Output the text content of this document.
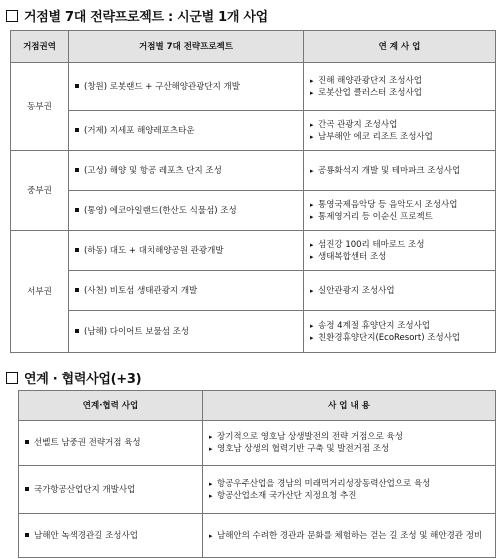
거점별 7대 전략프로젝트 : 시군별 1개 사업
거점권역	거점별 7대 전략프로젝트	연 계 사 업
동부권	(창원) 로봇랜드 + 구산해양관광단지 개발	▸ 진해 해양관광단지 조성사업
▸ 로봇산업 클러스터 조성사업

	(거제) 지세포 해양레포츠타운	▸ 간곡 관광지 조성사업
▸ 남부해안 에코 리조트 조성사업

중부권	(고성) 해양 및 항공 레포츠 단지 조성	▸ 공룡화석지 개발 및 테마파크 조성사업

	(통영) 에코아일랜드(한산도 식물섬) 조성	▸ 통영국제음악당 등 음악도시 조성사업
▸ 통제영거리 등 이순신 프로젝트

서부권	(하동) 대도 + 대치해양공원 관광개발	▸ 섬진강 100리 테마로드 조성
▸ 생태복합센터 조성

	(사천) 비토섬 생태관광지 개발	▸ 실안관광지 조성사업

	(남해) 다이어트 보물섬 조성	▸ 송정 4계절 휴양단지 조성사업
▸ 친환경휴양단지(EcoResort) 조성사업
연계 · 협력사업(+3)
연계·협력 사업	사 업 내 용
선벨트 남중권 전략거점 육성	▸ 장기적으로 영호남 상생발전의 전략 거점으로 육성
▸ 영호남 상생의 협력기반 구축 및 발전거점 조성

국가항공산업단지 개발사업	▸ 항공우주산업을 경남의 미래먹거리성장동력산업으로 육성
▸ 항공산업소재 국가산단 지정요청 추진

남해안 녹색경관길 조성사업	▸ 남해안의 수려한 경관과 문화를 체험하는 걷는 길 조성 및 해안경관 정비
